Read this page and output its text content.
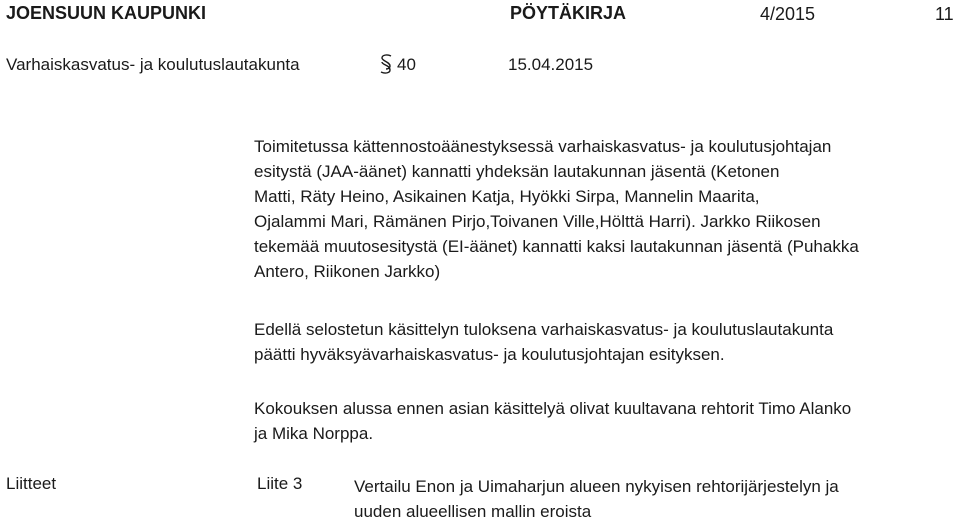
JOENSUUN KAUPUNKI	PÖYTÄKIRJA	4/2015	11
Varhaiskasvatus- ja koulutuslautakunta	40	15.04.2015
Toimitetussa kättennostoäänestyksessä varhaiskasvatus- ja koulutusjohtajan
esitystä (JAA-äänet) kannatti yhdeksän lautakunnan jäsentä (Ketonen
Matti, Räty Heino, Asikainen Katja, Hyökki Sirpa, Mannelin Maarita,
Ojalammi Mari, Rämänen Pirjo,Toivanen Ville,Hölttä Harri). Jarkko Riikosen
tekemää muutosesitystä (EI-äänet) kannatti kaksi lautakunnan jäsentä (Puhakka
Antero, Riikonen Jarkko)
Edellä selostetun käsittelyn tuloksena varhaiskasvatus- ja koulutuslautakunta
päätti hyväksyävarhaiskasvatus- ja koulutusjohtajan esityksen.
Kokouksen alussa ennen asian käsittelyä olivat kuultavana rehtorit Timo Alanko
ja Mika Norppa.
Liitteet	Liite 3	Vertailu Enon ja Uimaharjun alueen nykyisen rehtorijärjestelyn ja
uuden alueellisen mallin eroista
